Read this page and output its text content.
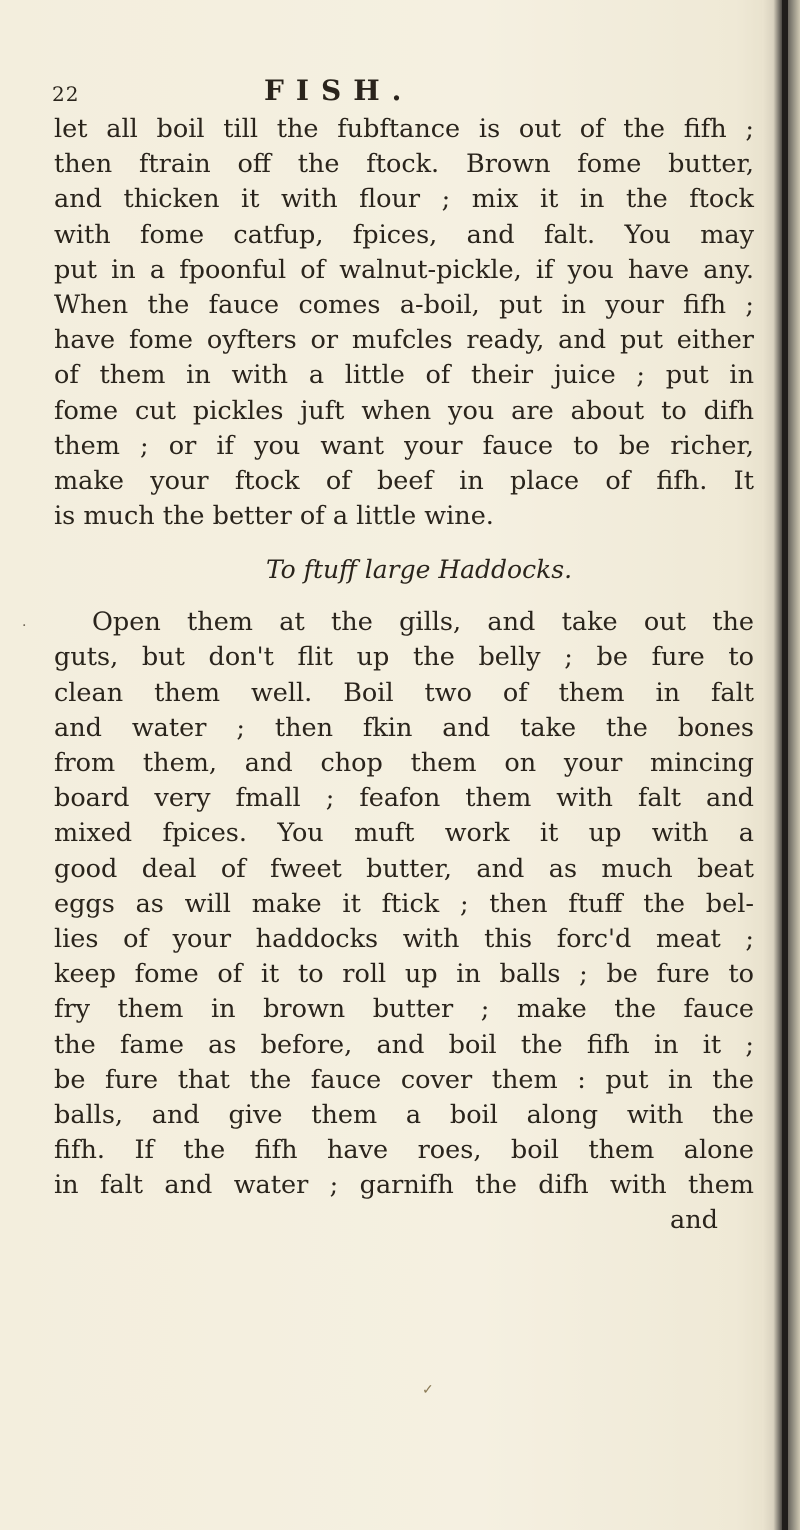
22	FISH.
let all boil till the fubftance is out of the fifh ;
then ftrain off the ftock. Brown fome butter,
and thicken it with flour ; mix it in the ftock
with fome catfup, fpices, and falt. You may
put in a fpoonful of walnut-pickle, if you have any.
When the fauce comes a-boil, put in your fifh ;
have fome oyfters or mufcles ready, and put either
of them in with a little of their juice ; put in
fome cut pickles juft when you are about to difh
them ; or if you want your fauce to be richer,
make your ftock of beef in place of fifh. It
is much the better of a little wine.
To ftuff large Haddocks.
Open them at the gills, and take out the
guts, but don't flit up the belly ; be fure to
clean them well. Boil two of them in falt
and water ; then fkin and take the bones
from them, and chop them on your mincing
board very fmall ; feafon them with falt and
mixed fpices. You muft work it up with a
good deal of fweet butter, and as much beat
eggs as will make it ftick ; then ftuff the bel-
lies of your haddocks with this forc'd meat ;
keep fome of it to roll up in balls ; be fure to
fry them in brown butter ; make the fauce
the fame as before, and boil the fifh in it ;
be fure that the fauce cover them : put in the
balls, and give them a boil along with the
fifh. If the fifh have roes, boil them alone
in falt and water ; garnifh the difh with them
and
·
✓
